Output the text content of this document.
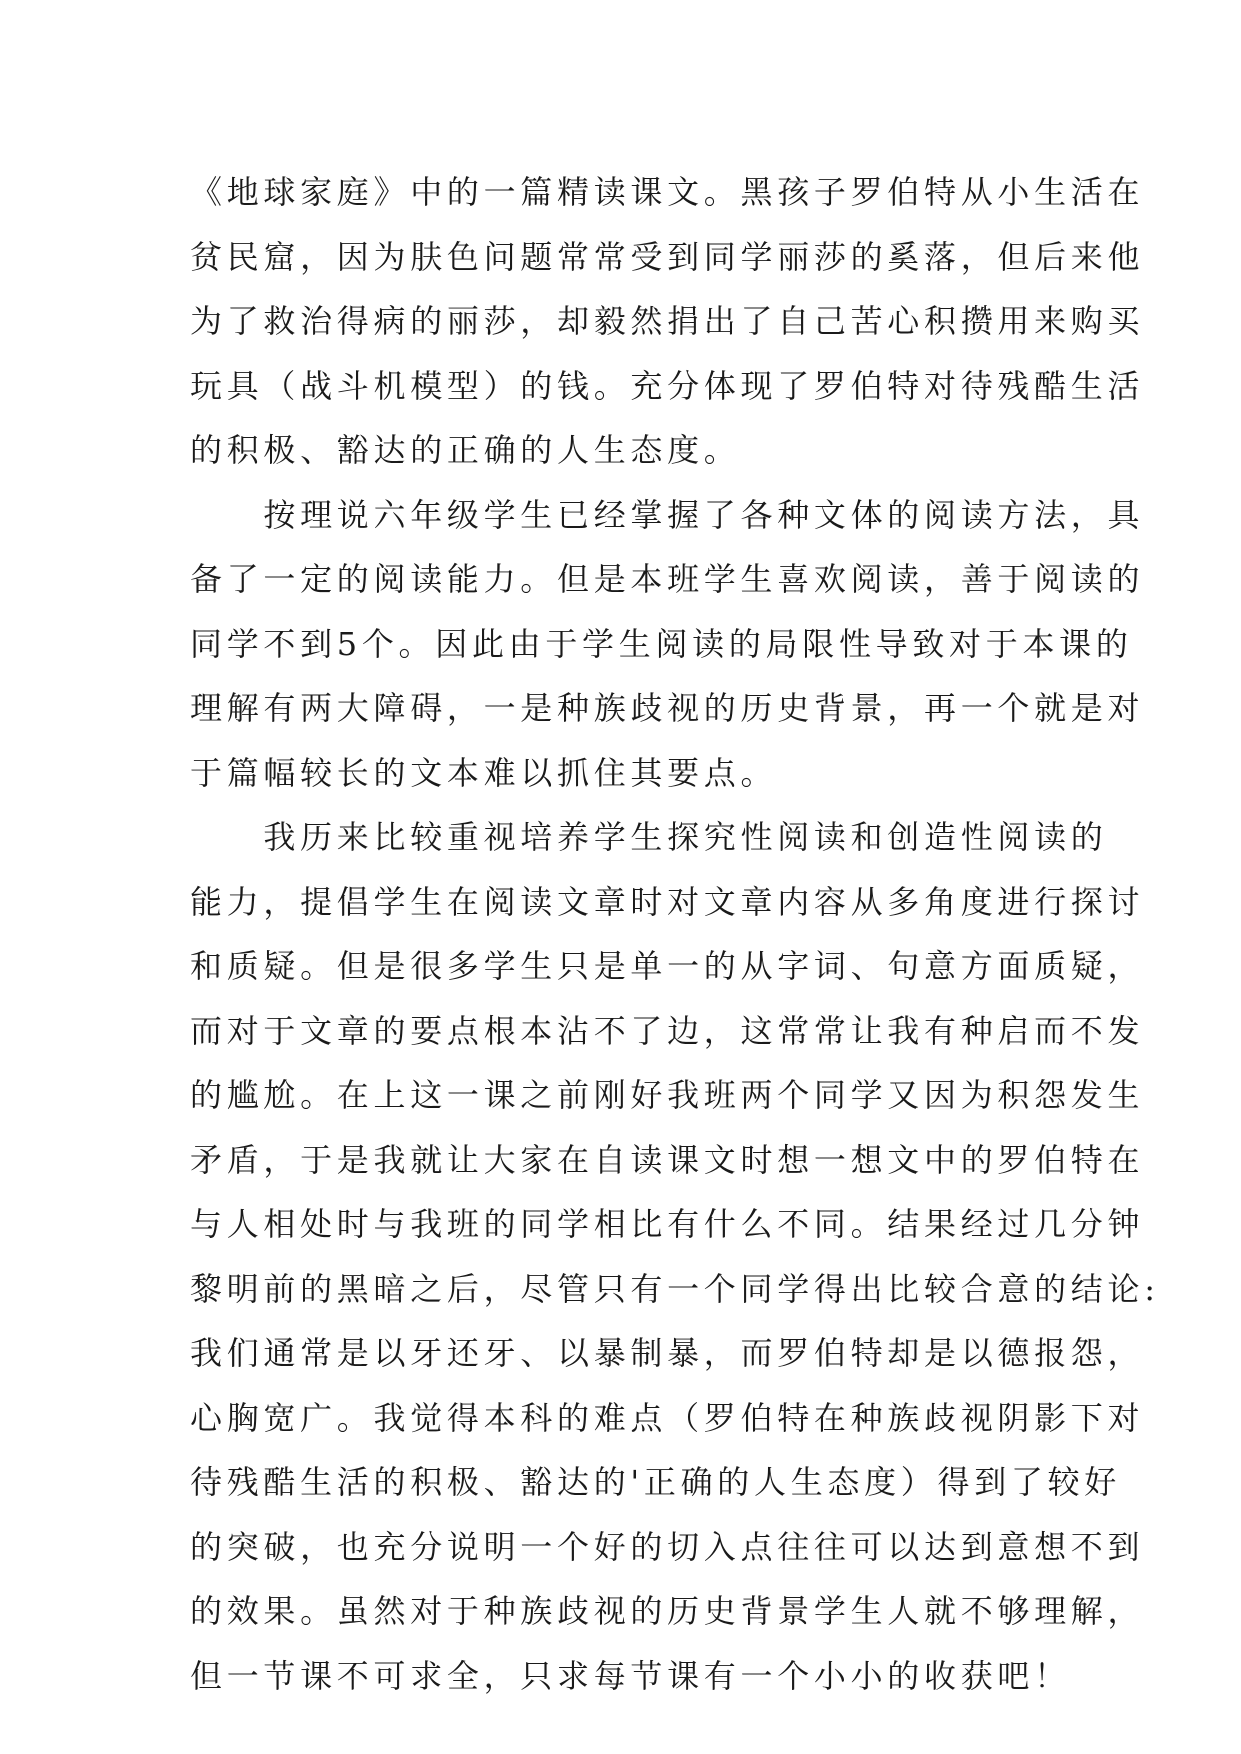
《地球家庭》中的一篇精读课文。黑孩子罗伯特从小生活在
贫民窟，因为肤色问题常常受到同学丽莎的奚落，但后来他
为了救治得病的丽莎，却毅然捐出了自己苦心积攒用来购买
玩具（战斗机模型）的钱。充分体现了罗伯特对待残酷生活
的积极、豁达的正确的人生态度。
　　按理说六年级学生已经掌握了各种文体的阅读方法，具
备了一定的阅读能力。但是本班学生喜欢阅读，善于阅读的
同学不到5个。因此由于学生阅读的局限性导致对于本课的
理解有两大障碍，一是种族歧视的历史背景，再一个就是对
于篇幅较长的文本难以抓住其要点。
　　我历来比较重视培养学生探究性阅读和创造性阅读的
能力，提倡学生在阅读文章时对文章内容从多角度进行探讨
和质疑。但是很多学生只是单一的从字词、句意方面质疑，
而对于文章的要点根本沾不了边，这常常让我有种启而不发
的尴尬。在上这一课之前刚好我班两个同学又因为积怨发生
矛盾，于是我就让大家在自读课文时想一想文中的罗伯特在
与人相处时与我班的同学相比有什么不同。结果经过几分钟
黎明前的黑暗之后，尽管只有一个同学得出比较合意的结论:
我们通常是以牙还牙、以暴制暴，而罗伯特却是以德报怨，
心胸宽广。我觉得本科的难点（罗伯特在种族歧视阴影下对
待残酷生活的积极、豁达的'正确的人生态度）得到了较好
的突破，也充分说明一个好的切入点往往可以达到意想不到
的效果。虽然对于种族歧视的历史背景学生人就不够理解，
但一节课不可求全，只求每节课有一个小小的收获吧！
